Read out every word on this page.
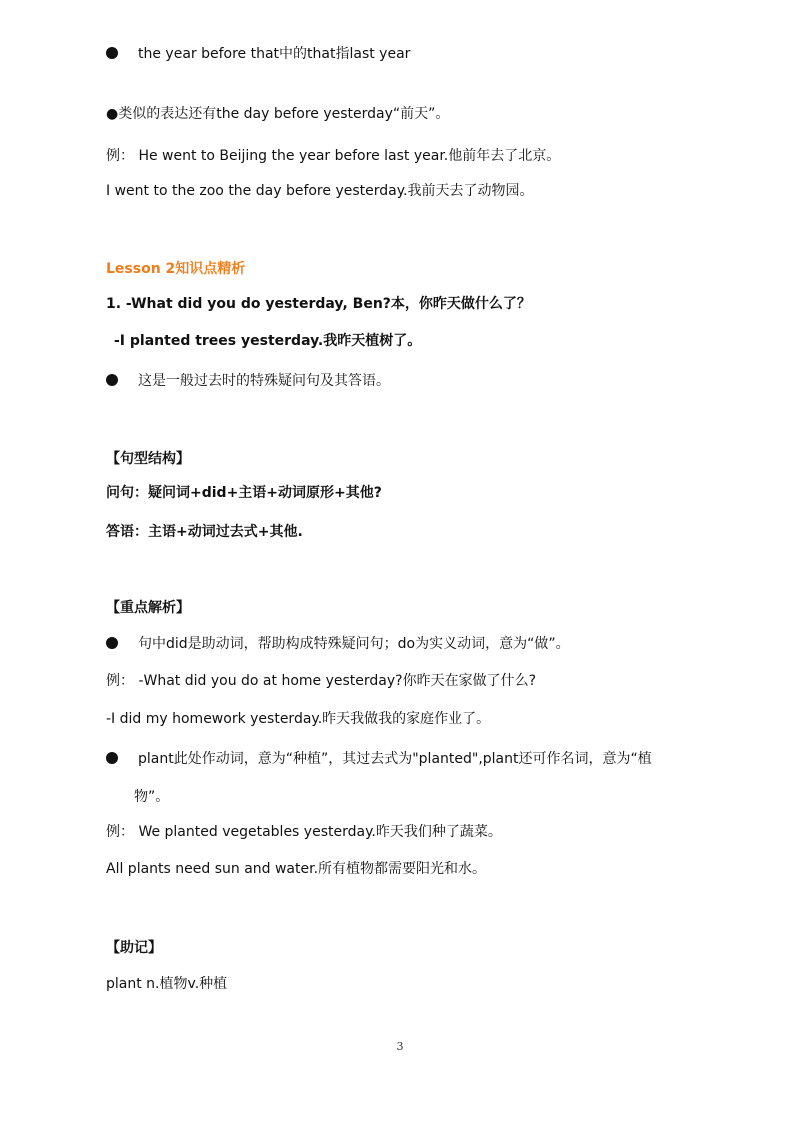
the year before that中的that指last year
●类似的表达还有the day before yesterday“前天”。
例： He went to Beijing the year before last year.他前年去了北京。
I went to the zoo the day before yesterday.我前天去了动物园。
Lesson 2知识点精析
1. -What did you do yesterday, Ben?本，你昨天做什么了？
-I planted trees yesterday.我昨天植树了。
这是一般过去时的特殊疑问句及其答语。
【句型结构】
问句：疑问词+did+主语+动词原形+其他?
答语：主语+动词过去式+其他.
【重点解析】
句中did是助动词，帮助构成特殊疑问句；do为实义动词，意为“做”。
例： -What did you do at home yesterday?你昨天在家做了什么?
-I did my homework yesterday.昨天我做我的家庭作业了。
plant此处作动词，意为“种植”，其过去式为"planted",plant还可作名词，意为“植
物”。
例： We planted vegetables yesterday.昨天我们种了蔬菜。
All plants need sun and water.所有植物都需要阳光和水。
【助记】
plant n.植物v.种植
3
